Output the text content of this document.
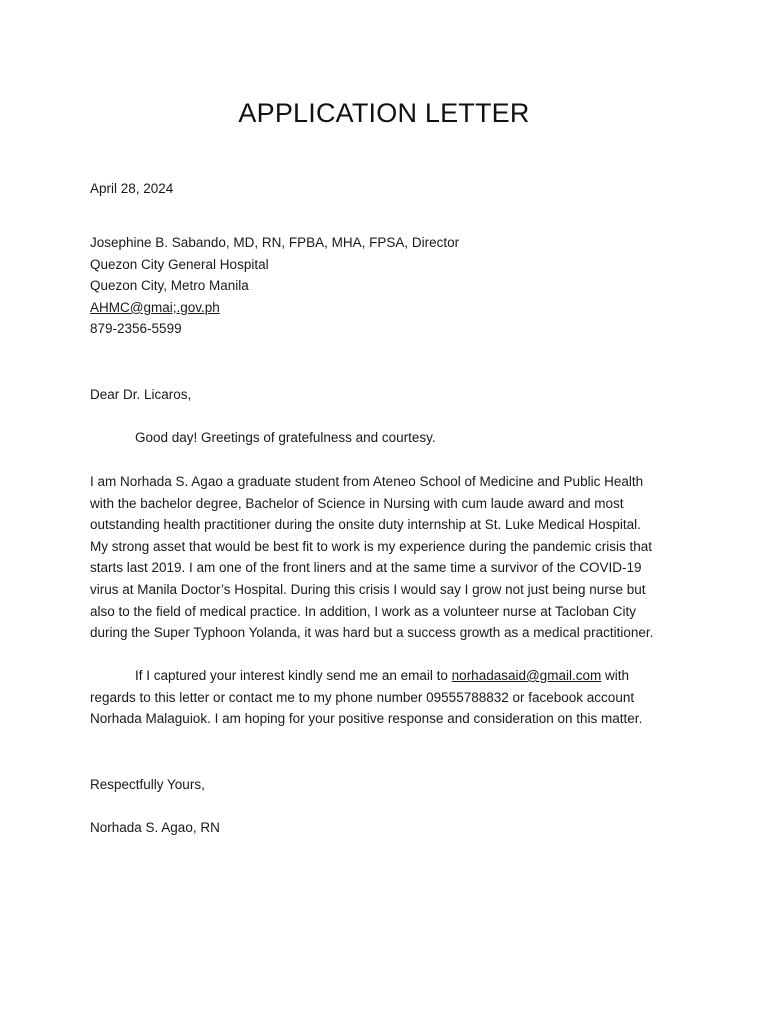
APPLICATION LETTER
April 28, 2024
Josephine B. Sabando, MD, RN, FPBA, MHA, FPSA, Director
Quezon City General Hospital
Quezon City, Metro Manila
AHMC@gmai;.gov.ph
879-2356-5599
Dear Dr. Licaros,
Good day! Greetings of gratefulness and courtesy.
I am Norhada S. Agao a graduate student from Ateneo School of Medicine and Public Health
with the bachelor degree, Bachelor of Science in Nursing with cum laude award and most
outstanding health practitioner during the onsite duty internship at St. Luke Medical Hospital.
My strong asset that would be best fit to work is my experience during the pandemic crisis that
starts last 2019. I am one of the front liners and at the same time a survivor of the COVID-19
virus at Manila Doctor’s Hospital. During this crisis I would say I grow not just being nurse but
also to the field of medical practice. In addition, I work as a volunteer nurse at Tacloban City
during the Super Typhoon Yolanda, it was hard but a success growth as a medical practitioner.
If I captured your interest kindly send me an email to norhadasaid@gmail.com with
regards to this letter or contact me to my phone number 09555788832 or facebook account
Norhada Malaguiok. I am hoping for your positive response and consideration on this matter.
Respectfully Yours,
Norhada S. Agao, RN
